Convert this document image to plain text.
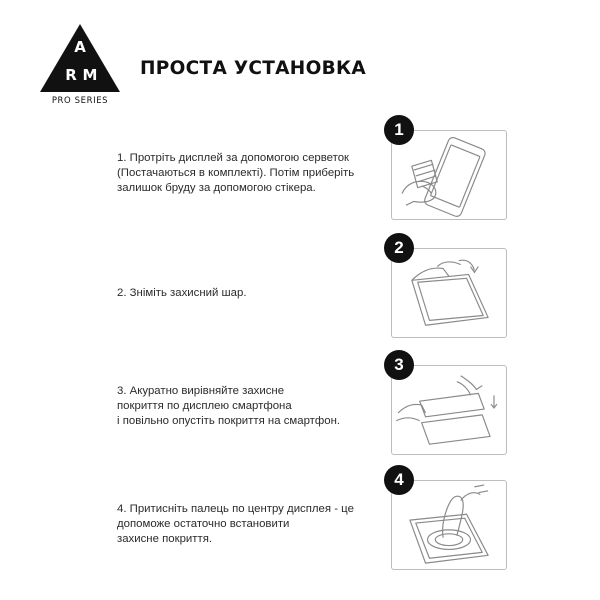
A
R M
PRO SERIES
ПРОСТА УСТАНОВКА
1. Протріть дисплей за допомогою серветок
(Постачаються в комплекті). Потім приберіть
залишок бруду за допомогою стікера.
1
2. Зніміть захисний шар.
2
3. Акуратно вирівняйте захисне
покриття по дисплею смартфона
і повільно опустіть покриття на смартфон.
3
4. Притисніть палець по центру дисплея - це
допоможе остаточно встановити
захисне покриття.
4
